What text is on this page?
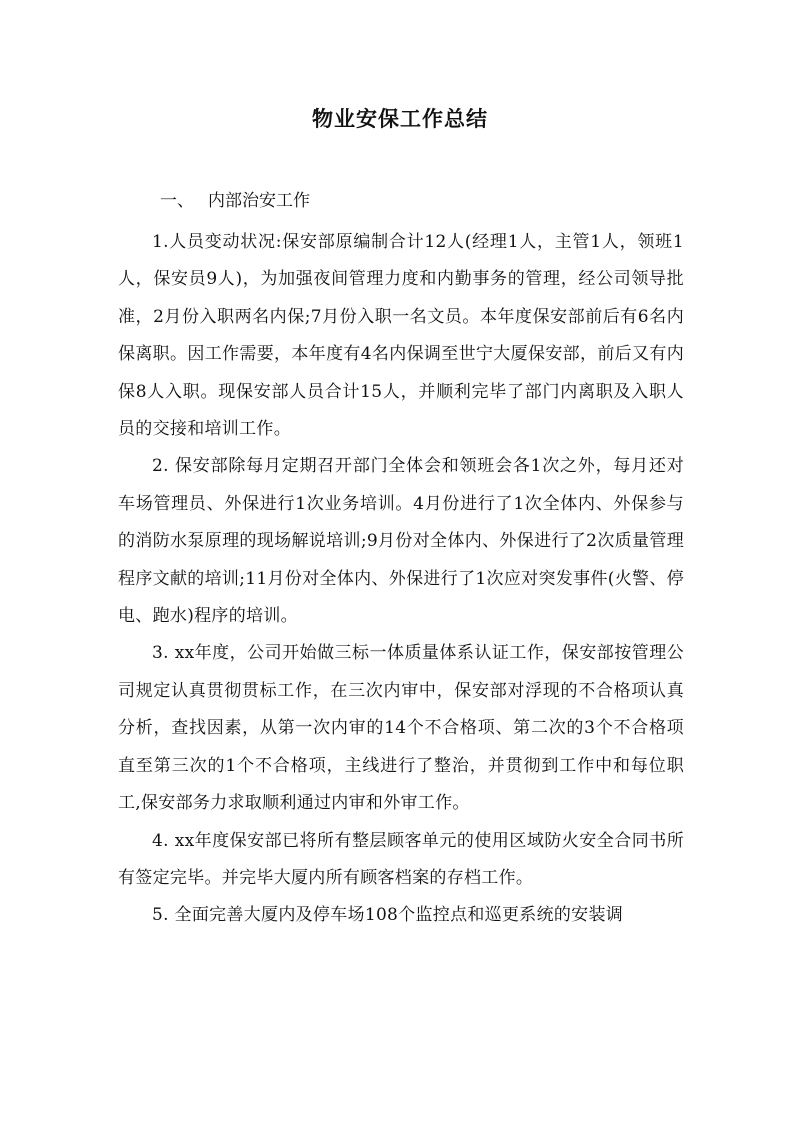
物业安保工作总结
一、 内部治安工作

1.人员变动状况:保安部原编制合计12人(经理1人，主管1人，领班1人，保安员9人)，为加强夜间管理力度和内勤事务的管理，经公司领导批准，2月份入职两名内保;7月份入职一名文员。本年度保安部前后有6名内保离职。因工作需要，本年度有4名内保调至世宁大厦保安部，前后又有内保8人入职。现保安部人员合计15人，并顺利完毕了部门内离职及入职人员的交接和培训工作。

2. 保安部除每月定期召开部门全体会和领班会各1次之外，每月还对车场管理员、外保进行1次业务培训。4月份进行了1次全体内、外保参与的消防水泵原理的现场解说培训;9月份对全体内、外保进行了2次质量管理程序文献的培训;11月份对全体内、外保进行了1次应对突发事件(火警、停电、跑水)程序的培训。

3. xx年度，公司开始做三标一体质量体系认证工作，保安部按管理公司规定认真贯彻贯标工作，在三次内审中，保安部对浮现的不合格项认真分析，查找因素，从第一次内审的14个不合格项、第二次的3个不合格项直至第三次的1个不合格项，主线进行了整治，并贯彻到工作中和每位职工,保安部务力求取顺利通过内审和外审工作。

4. xx年度保安部已将所有整层顾客单元的使用区域防火安全合同书所有签定完毕。并完毕大厦内所有顾客档案的存档工作。

5. 全面完善大厦内及停车场108个监控点和巡更系统的安装调
